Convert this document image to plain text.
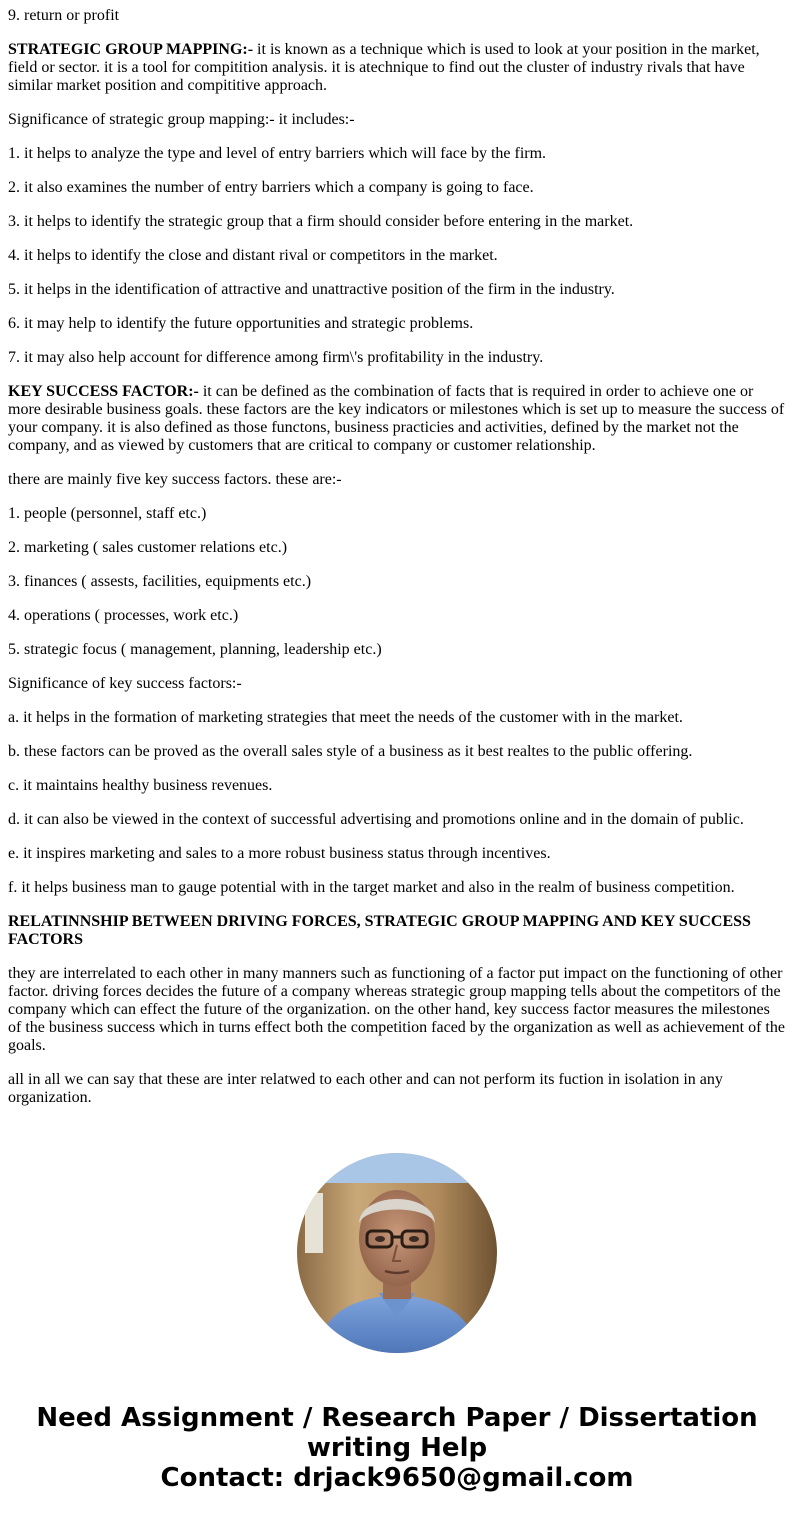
9. return or profit

STRATEGIC GROUP MAPPING:- it is known as a technique which is used to look at your position in the market, field or sector. it is a tool for compitition analysis. it is atechnique to find out the cluster of industry rivals that have similar market position and compititive approach.

Significance of strategic group mapping:- it includes:-

1. it helps to analyze the type and level of entry barriers which will face by the firm.

2. it also examines the number of entry barriers which a company is going to face.

3. it helps to identify the strategic group that a firm should consider before entering in the market.

4. it helps to identify the close and distant rival or competitors in the market.

5. it helps in the identification of attractive and unattractive position of the firm in the industry.

6. it may help to identify the future opportunities and strategic problems.

7. it may also help account for difference among firm\'s profitability in the industry.

KEY SUCCESS FACTOR:- it can be defined as the combination of facts that is required in order to achieve one or more desirable business goals. these factors are the key indicators or milestones which is set up to measure the success of your company. it is also defined as those functons, business practicies and activities, defined by the market not the company, and as viewed by customers that are critical to company or customer relationship.

there are mainly five key success factors. these are:-

1. people (personnel, staff etc.)

2. marketing ( sales customer relations etc.)

3. finances ( assests, facilities, equipments etc.)

4. operations ( processes, work etc.)

5. strategic focus ( management, planning, leadership etc.)

Significance of key success factors:-

a. it helps in the formation of marketing strategies that meet the needs of the customer with in the market.

b. these factors can be proved as the overall sales style of a business as it best realtes to the public offering.

c. it maintains healthy business revenues.

d. it can also be viewed in the context of successful advertising and promotions online and in the domain of public.

e. it inspires marketing and sales to a more robust business status through incentives.

f. it helps business man to gauge potential with in the target market and also in the realm of business competition.

RELATINNSHIP BETWEEN DRIVING FORCES, STRATEGIC GROUP MAPPING AND KEY SUCCESS FACTORS

they are interrelated to each other in many manners such as functioning of a factor put impact on the functioning of other factor. driving forces decides the future of a company whereas strategic group mapping tells about the competitors of the company which can effect the future of the organization. on the other hand, key success factor measures the milestones of the business success which in turns effect both the competition faced by the organization as well as achievement of the goals.

all in all we can say that these are inter relatwed to each other and can not perform its fuction in isolation in any organization.

Need Assignment / Research Paper / Dissertation
writing Help
Contact: drjack9650@gmail.com
